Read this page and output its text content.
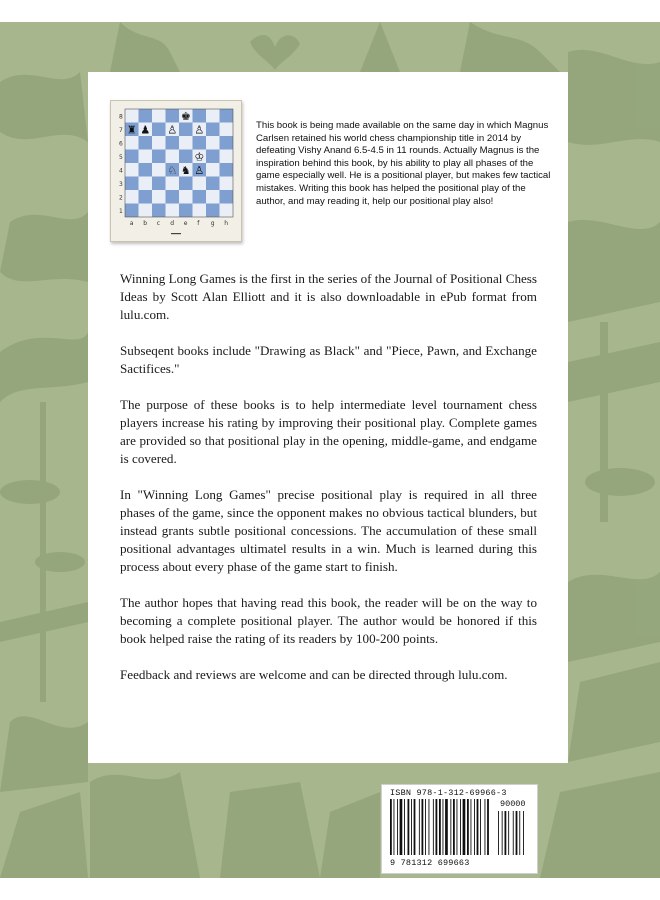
8
7
6
5
4
3
2
1
a b c d e f g h
♜ ♟
♚
♙ ♙
♘ ♞
♔
♙

This book is being made available on the same day in which Magnus Carlsen retained his world chess championship title in 2014 by defeating Vishy Anand 6.5-4.5 in 11 rounds. Actually Magnus is the inspiration behind this book, by his ability to play all phases of the game especially well. He is a positional player, but makes few tactical mistakes. Writing this book has helped the positional play of the author, and may reading it, help our positional play also!

Winning Long Games is the first in the series of the Journal of Positional Chess Ideas by Scott Alan Elliott and it is also downloadable in ePub format from lulu.com.

Subseqent books include "Drawing as Black" and "Piece, Pawn, and Exchange Sactifices."

The purpose of these books is to help intermediate level tournament chess players increase his rating by improving their positional play. Complete games are provided so that positional play in the opening, middle-game, and endgame is covered.

In "Winning Long Games" precise positional play is required in all three phases of the game, since the opponent makes no obvious tactical blunders, but instead grants subtle positional concessions. The accumulation of these small positional advantages ultimatel results in a win. Much is learned during this process about every phase of the game start to finish.

The author hopes that having read this book, the reader will be on the way to becoming a complete positional player. The author would be honored if this book helped raise the rating of its readers by 100-200 points.

Feedback and reviews are welcome and can be directed through lulu.com.

ISBN 978-1-312-69966-3
90000
9 781312 699663
